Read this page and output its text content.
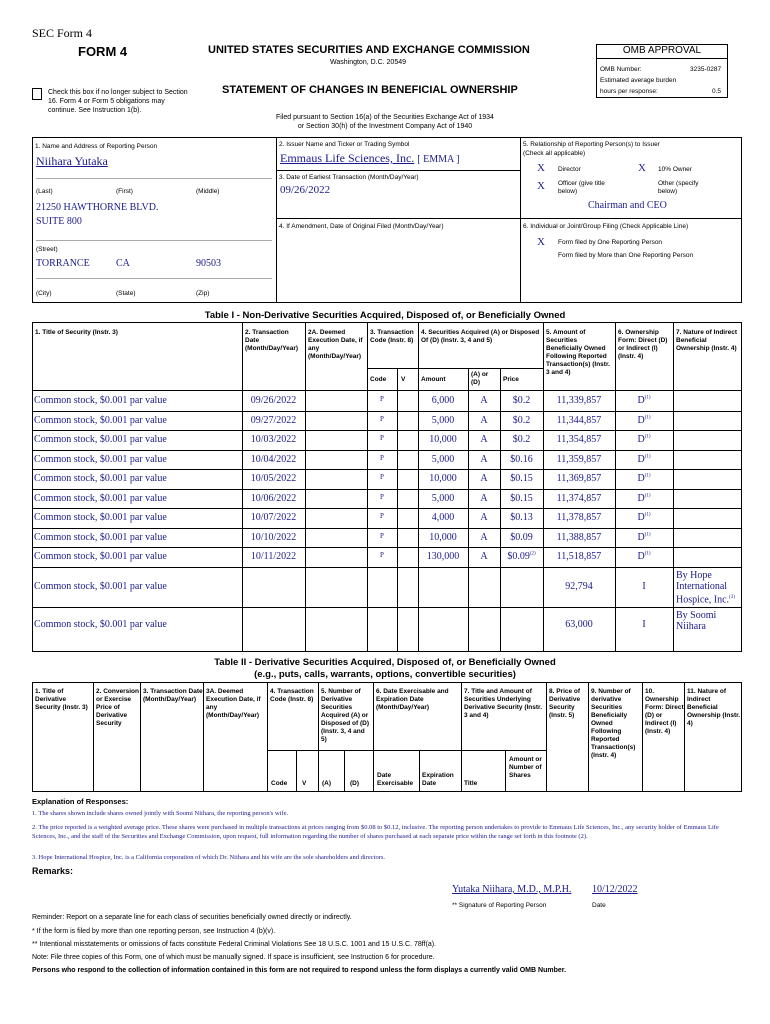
SEC Form 4
FORM 4	UNITED STATES SECURITIES AND EXCHANGE COMMISSION
Washington, D.C. 20549
Check this box if no longer subject to Section 16. Form 4 or Form 5 obligations may continue. See Instruction 1(b).
STATEMENT OF CHANGES IN BENEFICIAL OWNERSHIP
OMB APPROVAL
OMB Number:	3235-0287
Estimated average burden
hours per response:	0.5
Filed pursuant to Section 16(a) of the Securities Exchange Act of 1934
or Section 30(h) of the Investment Company Act of 1940
1. Name and Address of Reporting Person
Niihara Yutaka
(Last)	(First)	(Middle)
21250 HAWTHORNE BLVD.
SUITE 800
(Street)
TORRANCE	CA	90503
(City)	(State)	(Zip)
2. Issuer Name and Ticker or Trading Symbol
Emmaus Life Sciences, Inc. [ EMMA ]
3. Date of Earliest Transaction (Month/Day/Year)
09/26/2022
4. If Amendment, Date of Original Filed (Month/Day/Year)
5. Relationship of Reporting Person(s) to Issuer
(Check all applicable)
X Director	X 10% Owner
X Officer (give title below)
Other (specify below)
Chairman and CEO
6. Individual or Joint/Group Filing (Check Applicable Line)
X Form filed by One Reporting Person
Form filed by More than One Reporting Person
Table I - Non-Derivative Securities Acquired, Disposed of, or Beneficially Owned
1. Title of Security (Instr. 3)	2. Transaction Date (Month/Day/Year)
2A. Deemed Execution Date, if any (Month/Day/Year)
3. Transaction Code (Instr. 8)
4. Securities Acquired (A) or Disposed Of (D) (Instr. 3, 4 and 5)
5. Amount of Securities Beneficially Owned Following Reported Transaction(s) (Instr. 3 and 4)
6. Ownership Form: Direct (D) or Indirect (I) (Instr. 4)
7. Nature of Indirect Beneficial Ownership (Instr. 4)
Code V Amount
(A) or (D)	Price
Common stock, $0.001 par value	09/26/2022	P	6,000	A	$0.2	11,339,857	$D^{(1)}$
Common stock, $0.001 par value	09/27/2022	P	5,000	A	$0.2	11,344,857	$D^{(1)}$
Common stock, $0.001 par value	10/03/2022	P	10,000	A	$0.2	11,354,857	$D^{(1)}$
Common stock, $0.001 par value	10/04/2022	P	5,000	A	$0.16	11,359,857	$D^{(1)}$
Common stock, $0.001 par value	10/05/2022	P	10,000	A	$0.15	11,369,857	$D^{(1)}$
Common stock, $0.001 par value	10/06/2022	P	5,000	A	$0.15	11,374,857	$D^{(1)}$
Common stock, $0.001 par value	10/07/2022	P	4,000	A	$0.13	11,378,857	$D^{(1)}$
Common stock, $0.001 par value	10/10/2022	P	10,000	A	$0.09	11,388,857	$D^{(1)}$
Common stock, $0.001 par value	10/11/2022	P	130,000	A	$0.09$^{(2)}$	11,518,857	$D^{(1)}$
Common stock, $0.001 par value	92,794	I
By Hope International Hospice, Inc.$^{(3)}$
Common stock, $0.001 par value	63,000	I
By Soomi Niihara
Table II - Derivative Securities Acquired, Disposed of, or Beneficially Owned
(e.g., puts, calls, warrants, options, convertible securities)
1. Title of Derivative Security (Instr. 3)
2. Conversion or Exercise Price of Derivative Security
3. Transaction Date (Month/Day/Year)
3A. Deemed Execution Date, if any (Month/Day/Year)
4. Transaction Code (Instr. 8)
5. Number of Derivative Securities Acquired (A) or Disposed of (D) (Instr. 3, 4 and 5)
6. Date Exercisable and Expiration Date (Month/Day/Year)
7. Title and Amount of Securities Underlying Derivative Security (Instr. 3 and 4)
8. Price of Derivative Security (Instr. 5)
9. Number of derivative Securities Beneficially Owned Following Reported Transaction(s) (Instr. 4)
10. Ownership Form: Direct (D) or Indirect (I) (Instr. 4)
11. Nature of Indirect Beneficial Ownership (Instr. 4)
Code V (A)	(D)
Date Exercisable
Expiration Date	Title
Amount or Number of Shares
Explanation of Responses:
1. The shares shown include shares owned jointly with Soomi Niihara, the reporting person's wife.
2. The price reported is a weighted average price. These shares were purchased in multiple transactions at prices ranging from $0.08 to $0.12, inclusive. The reporting person undertakes to provide to Emmaus Life Sciences, Inc., any security holder of Emmaus Life Sciences, Inc., and the staff of the Securities and Exchange Commission, upon request, full information regarding the number of shares purchased at each separate price within the range set forth in this footnote (2).
3. Hope International Hospice, Inc. is a California corporation of which Dr. Niihara and his wife are the sole shareholders and directors.
Remarks:
Yutaka Niihara, M.D., M.P.H. 10/12/2022
** Signature of Reporting Person	Date
Reminder: Report on a separate line for each class of securities beneficially owned directly or indirectly.
* If the form is filed by more than one reporting person, see Instruction 4 (b)(v).
** Intentional misstatements or omissions of facts constitute Federal Criminal Violations See 18 U.S.C. 1001 and 15 U.S.C. 78ff(a).
Note: File three copies of this Form, one of which must be manually signed. If space is insufficient, see Instruction 6 for procedure.
Persons who respond to the collection of information contained in this form are not required to respond unless the form displays a currently valid OMB Number.
